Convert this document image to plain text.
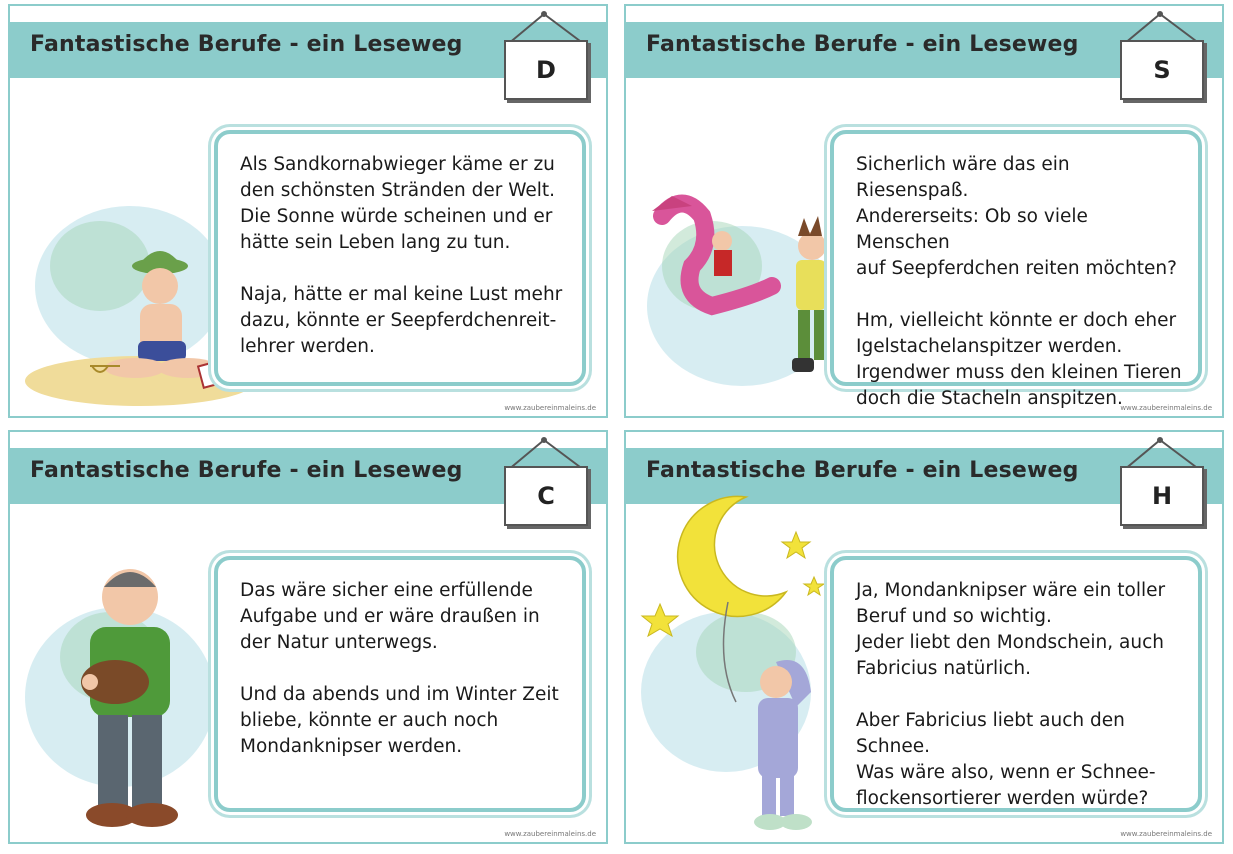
Fantastische Berufe - ein Leseweg
D

Als Sandkornabwieger käme er zu
den schönsten Stränden der Welt.
Die Sonne würde scheinen und er
hätte sein Leben lang zu tun.

Naja, hätte er mal keine Lust mehr
dazu, könnte er Seepferdchenreit-
lehrer werden.

www.zaubereinmaleins.de
Fantastische Berufe - ein Leseweg
S

Sicherlich wäre das ein Riesenspaß.
Andererseits: Ob so viele Menschen
auf Seepferdchen reiten möchten?

Hm, vielleicht könnte er doch eher
Igelstachelanspitzer werden.
Irgendwer muss den kleinen Tieren
doch die Stacheln anspitzen.

www.zaubereinmaleins.de
Fantastische Berufe - ein Leseweg
C

Das wäre sicher eine erfüllende
Aufgabe und er wäre draußen in
der Natur unterwegs.

Und da abends und im Winter Zeit
bliebe, könnte er auch noch
Mondanknipser werden.

www.zaubereinmaleins.de
Fantastische Berufe - ein Leseweg
H

Ja, Mondanknipser wäre ein toller
Beruf und so wichtig.
Jeder liebt den Mondschein, auch
Fabricius natürlich.

Aber Fabricius liebt auch den Schnee.
Was wäre also, wenn er Schnee-
flockensortierer werden würde?

www.zaubereinmaleins.de
